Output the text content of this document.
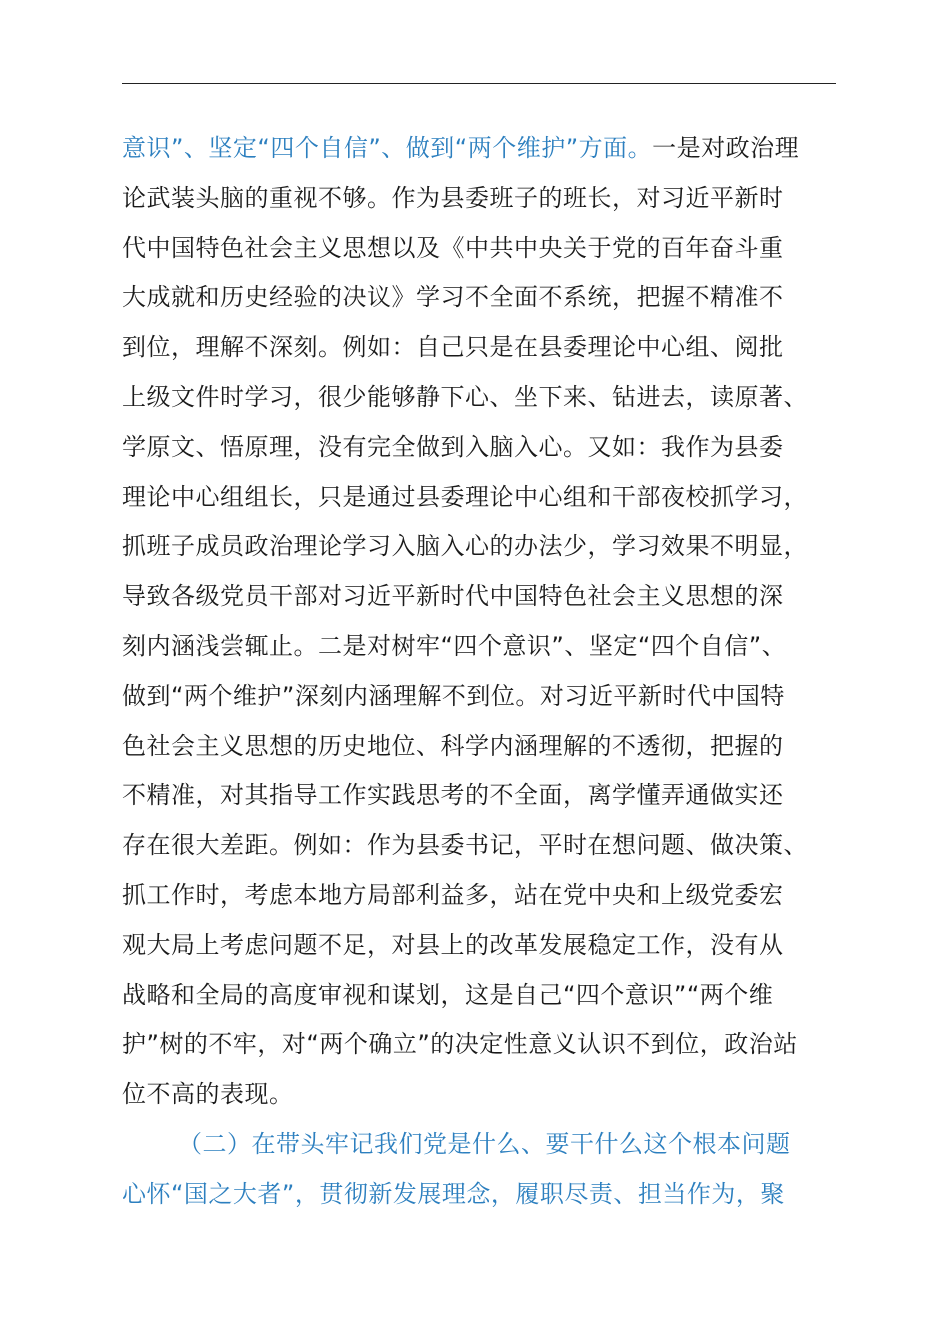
意识”、坚定“四个自信”、做到“两个维护”方面。一是对政治理
论武装头脑的重视不够。作为县委班子的班长，对习近平新时
代中国特色社会主义思想以及《中共中央关于党的百年奋斗重
大成就和历史经验的决议》学习不全面不系统，把握不精准不
到位，理解不深刻。例如：自己只是在县委理论中心组、阅批
上级文件时学习，很少能够静下心、坐下来、钻进去，读原著、
学原文、悟原理，没有完全做到入脑入心。又如：我作为县委
理论中心组组长，只是通过县委理论中心组和干部夜校抓学习，
抓班子成员政治理论学习入脑入心的办法少，学习效果不明显，
导致各级党员干部对习近平新时代中国特色社会主义思想的深
刻内涵浅尝辄止。二是对树牢“四个意识”、坚定“四个自信”、
做到“两个维护”深刻内涵理解不到位。对习近平新时代中国特
色社会主义思想的历史地位、科学内涵理解的不透彻，把握的
不精准，对其指导工作实践思考的不全面，离学懂弄通做实还
存在很大差距。例如：作为县委书记，平时在想问题、做决策、
抓工作时，考虑本地方局部利益多，站在党中央和上级党委宏
观大局上考虑问题不足，对县上的改革发展稳定工作，没有从
战略和全局的高度审视和谋划，这是自己“四个意识”“两个维
护”树的不牢，对“两个确立”的决定性意义认识不到位，政治站
位不高的表现。
（二）在带头牢记我们党是什么、要干什么这个根本问题
心怀“国之大者”，贯彻新发展理念，履职尽责、担当作为，聚
